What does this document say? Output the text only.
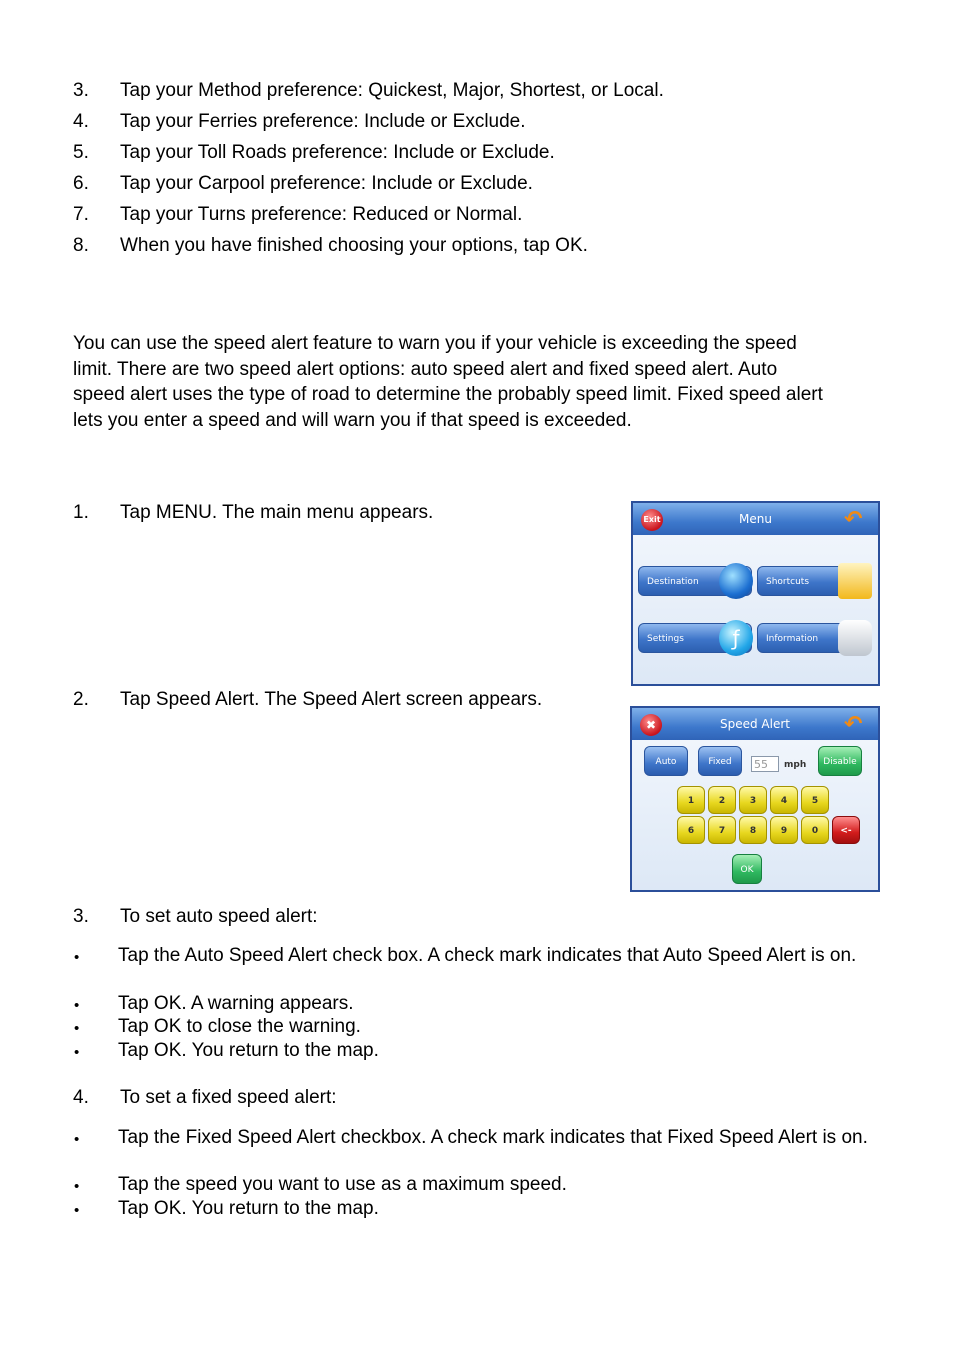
3. Tap your Method preference: Quickest, Major, Shortest, or Local.
4. Tap your Ferries preference: Include or Exclude.
5. Tap your Toll Roads preference: Include or Exclude.
6. Tap your Carpool preference: Include or Exclude.
7. Tap your Turns preference: Reduced or Normal.
8. When you have finished choosing your options, tap OK.
You can use the speed alert feature to warn you if your vehicle is exceeding the speed
limit. There are two speed alert options: auto speed alert and fixed speed alert. Auto
speed alert uses the type of road to determine the probably speed limit. Fixed speed alert
lets you enter a speed and will warn you if that speed is exceeded.
1. Tap MENU. The main menu appears.
2. Tap Speed Alert. The Speed Alert screen appears.
Menu
Exit	↶
Destination	Shortcuts
Settings	ƒ	Information
Speed Alert
✖	↶
Auto	Fixed	55	mph	Disable
1	2	3	4	5
6	7	8	9	0	<-
OK
3. To set auto speed alert:
• Tap the Auto Speed Alert check box. A check mark indicates that Auto Speed Alert is on.
• Tap OK. A warning appears.
• Tap OK to close the warning.
• Tap OK. You return to the map.
4. To set a fixed speed alert:
• Tap the Fixed Speed Alert checkbox. A check mark indicates that Fixed Speed Alert is on.
• Tap the speed you want to use as a maximum speed.
• Tap OK. You return to the map.
